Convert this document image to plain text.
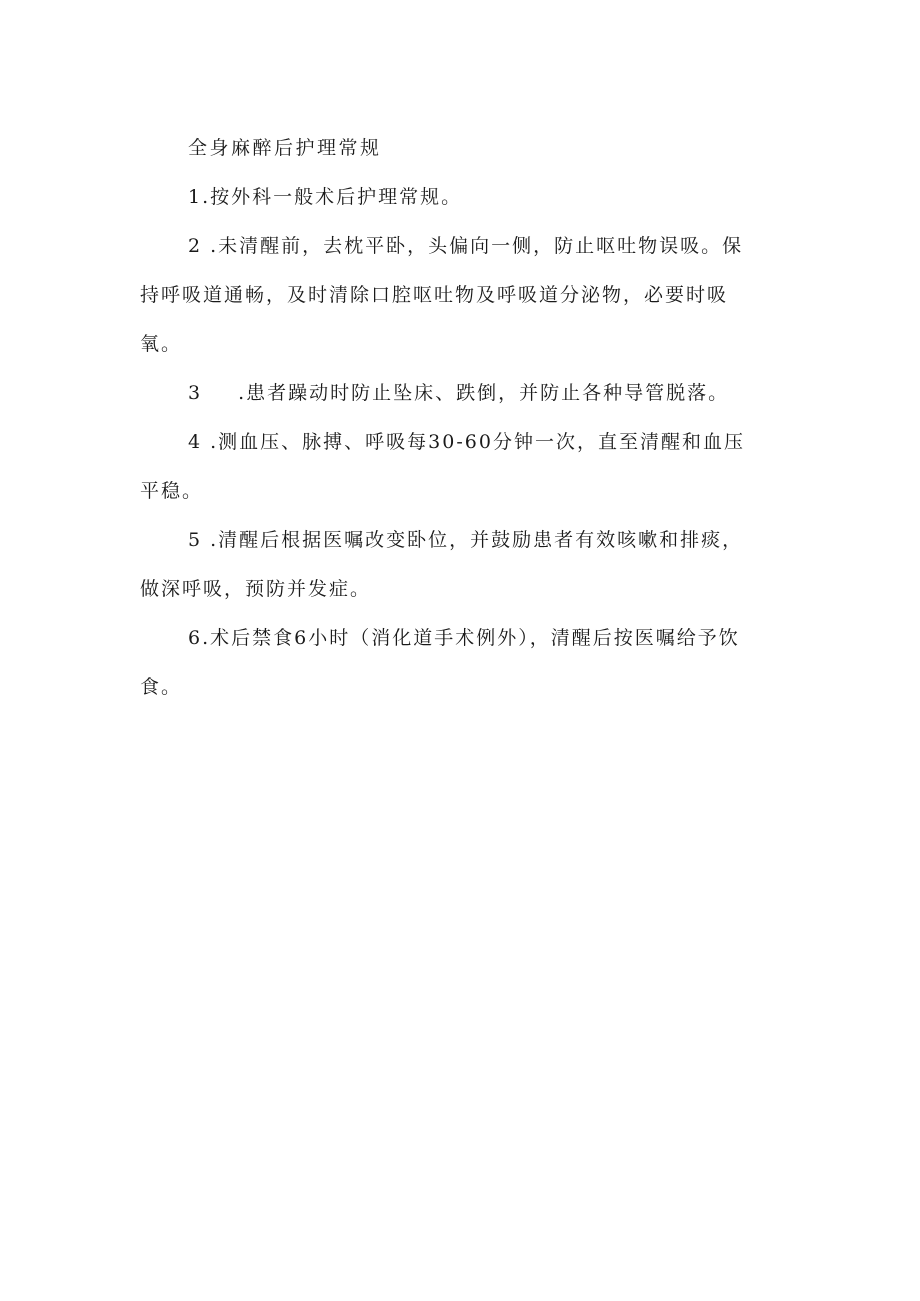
全身麻醉后护理常规
1.按外科一般术后护理常规。
2 .未清醒前，去枕平卧，头偏向一侧，防止呕吐物误吸。保
持呼吸道通畅，及时清除口腔呕吐物及呼吸道分泌物，必要时吸
氧。
3 .患者躁动时防止坠床、跌倒，并防止各种导管脱落。
4 .测血压、脉搏、呼吸每30-60分钟一次，直至清醒和血压
平稳。
5 .清醒后根据医嘱改变卧位，并鼓励患者有效咳嗽和排痰，
做深呼吸，预防并发症。
6.术后禁食6小时（消化道手术例外），清醒后按医嘱给予饮
食。
